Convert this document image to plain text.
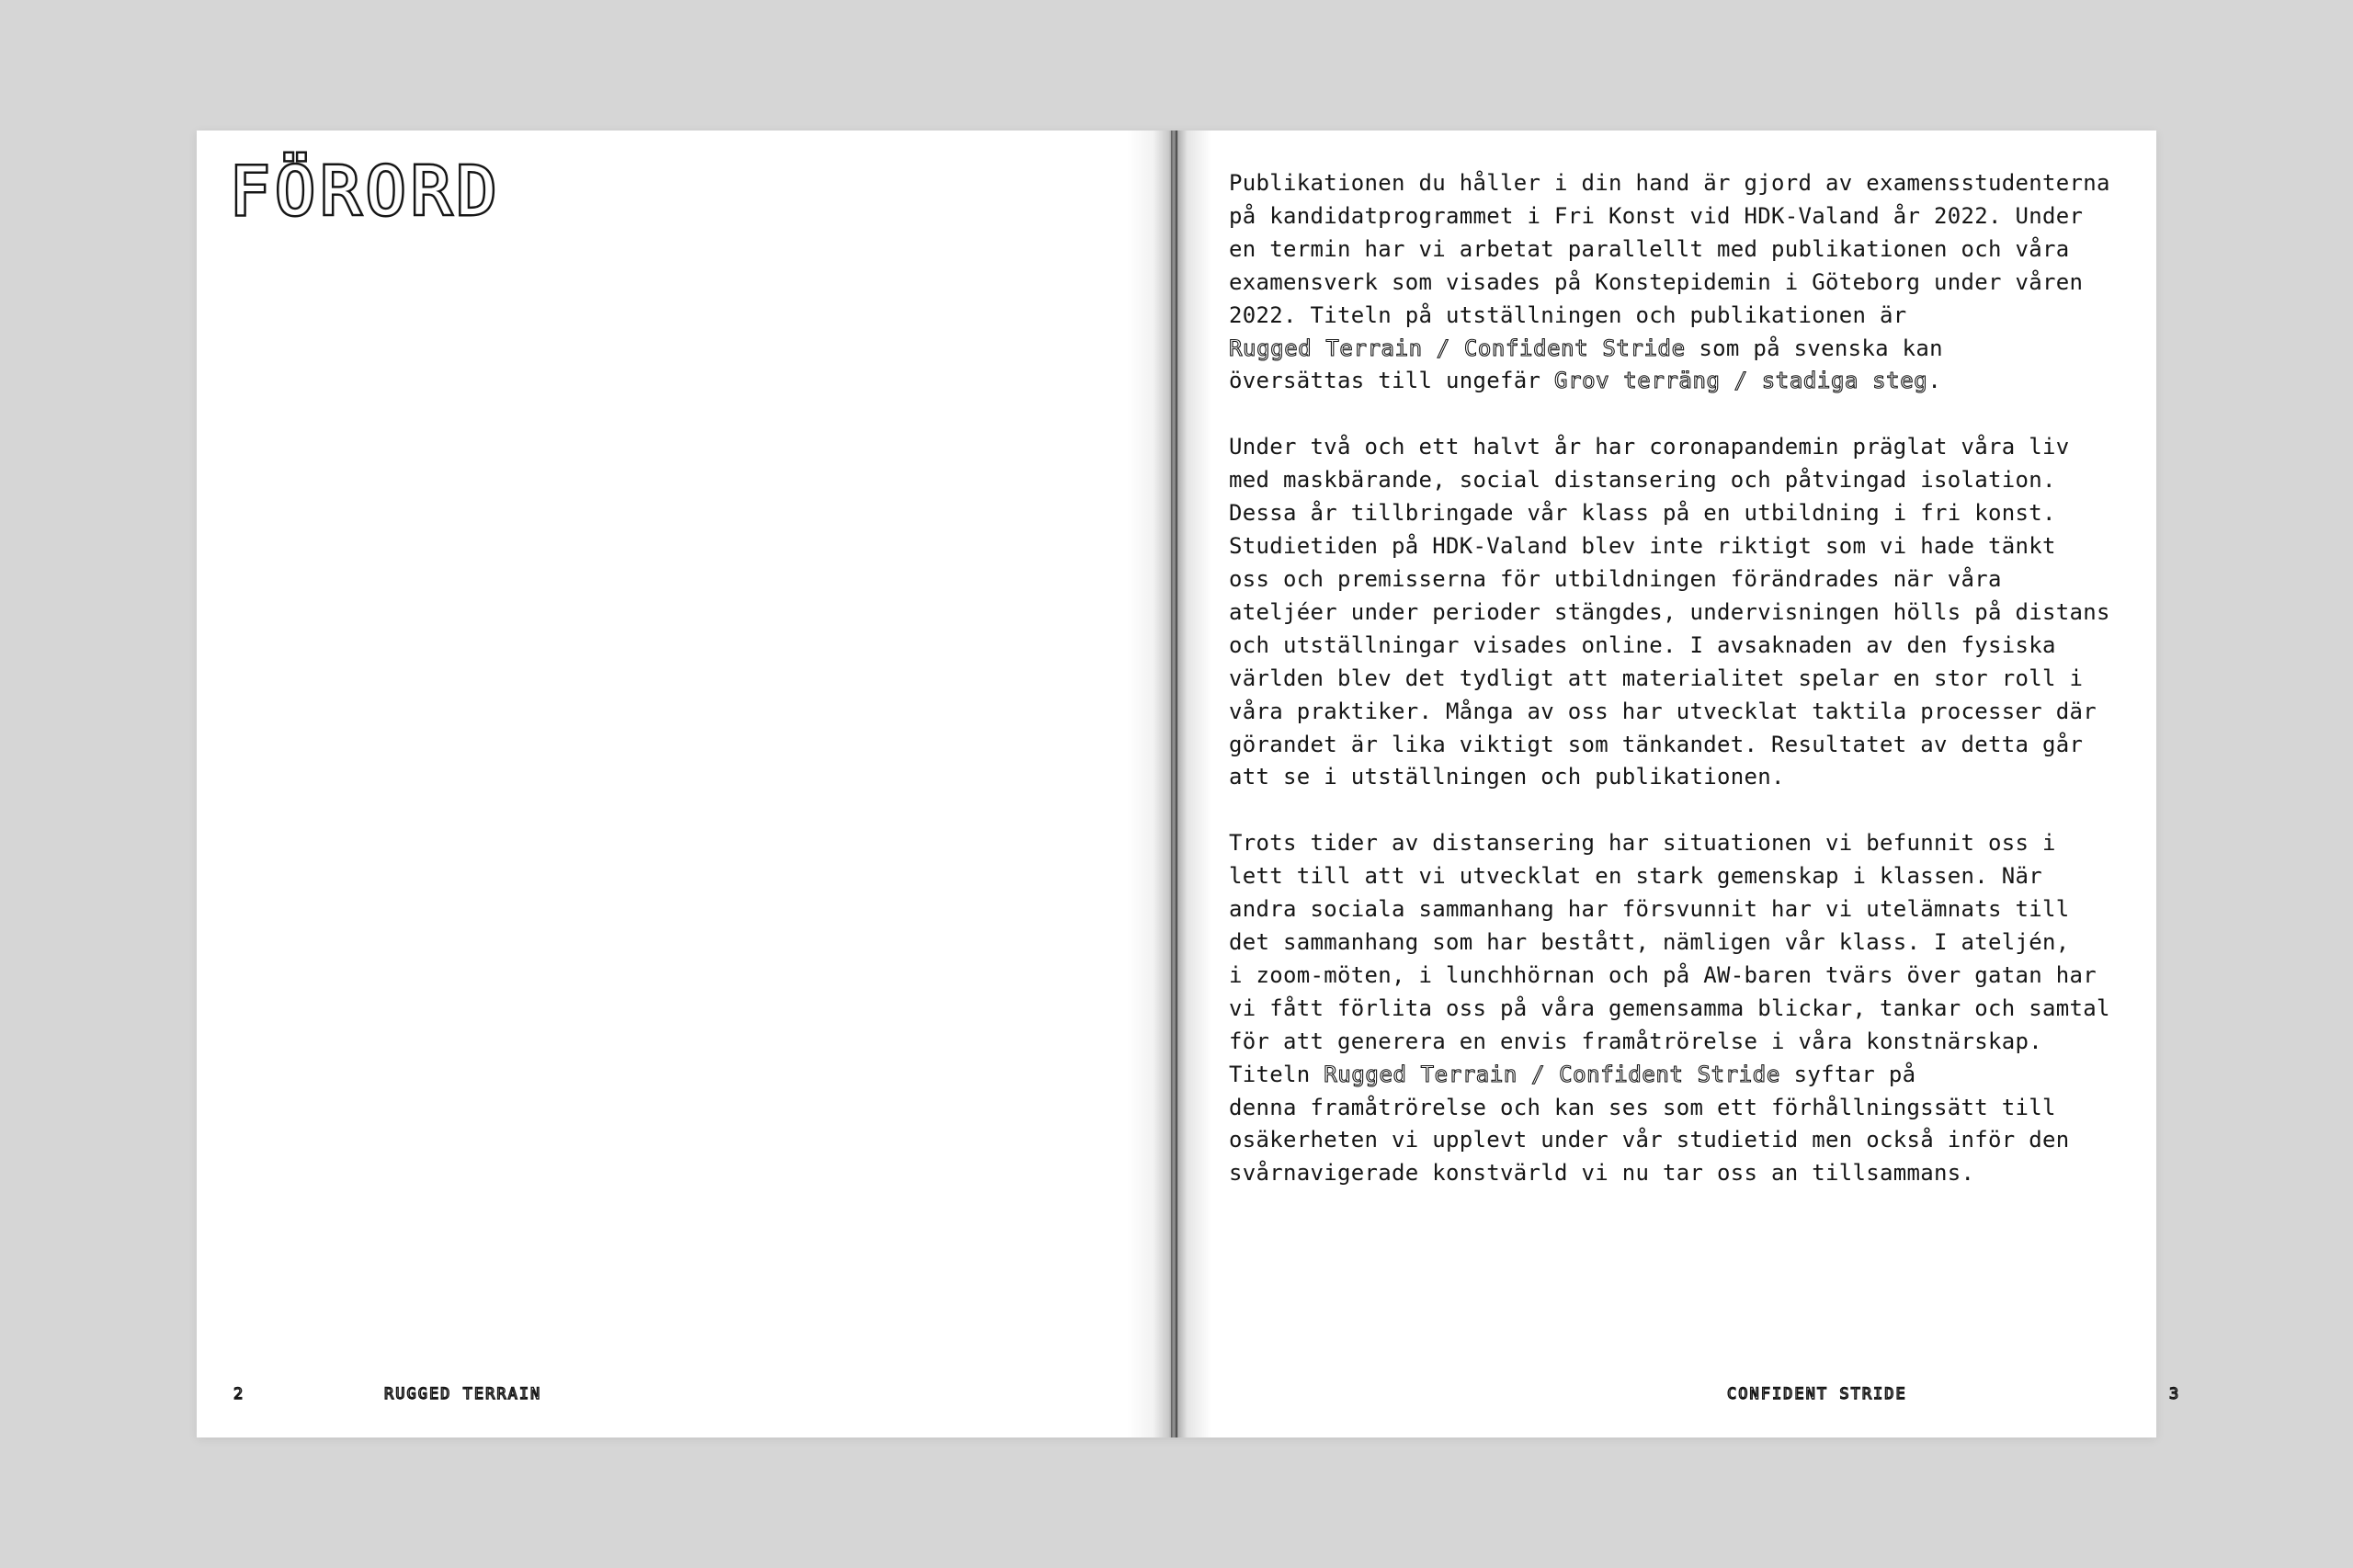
FÖRORD
2	RUGGED TERRAIN

Publikationen du håller i din hand är gjord av examensstudenterna
på kandidatprogrammet i Fri Konst vid HDK-Valand år 2022. Under
en termin har vi arbetat parallellt med publikationen och våra
examensverk som visades på Konstepidemin i Göteborg under våren
2022. Titeln på utställningen och publikationen är
Rugged Terrain / Confident Stride som på svenska kan
översättas till ungefär Grov terräng / stadiga steg.

Under två och ett halvt år har coronapandemin präglat våra liv
med maskbärande, social distansering och påtvingad isolation.
Dessa år tillbringade vår klass på en utbildning i fri konst.
Studietiden på HDK-Valand blev inte riktigt som vi hade tänkt
oss och premisserna för utbildningen förändrades när våra
ateljéer under perioder stängdes, undervisningen hölls på distans
och utställningar visades online. I avsaknaden av den fysiska
världen blev det tydligt att materialitet spelar en stor roll i
våra praktiker. Många av oss har utvecklat taktila processer där
görandet är lika viktigt som tänkandet. Resultatet av detta går
att se i utställningen och publikationen.

Trots tider av distansering har situationen vi befunnit oss i
lett till att vi utvecklat en stark gemenskap i klassen. När
andra sociala sammanhang har försvunnit har vi utelämnats till
det sammanhang som har bestått, nämligen vår klass. I ateljén,
i zoom-möten, i lunchhörnan och på AW-baren tvärs över gatan har
vi fått förlita oss på våra gemensamma blickar, tankar och samtal
för att generera en envis framåtrörelse i våra konstnärskap.
Titeln Rugged Terrain / Confident Stride syftar på
denna framåtrörelse och kan ses som ett förhållningssätt till
osäkerheten vi upplevt under vår studietid men också inför den
svårnavigerade konstvärld vi nu tar oss an tillsammans.

CONFIDENT STRIDE	3
